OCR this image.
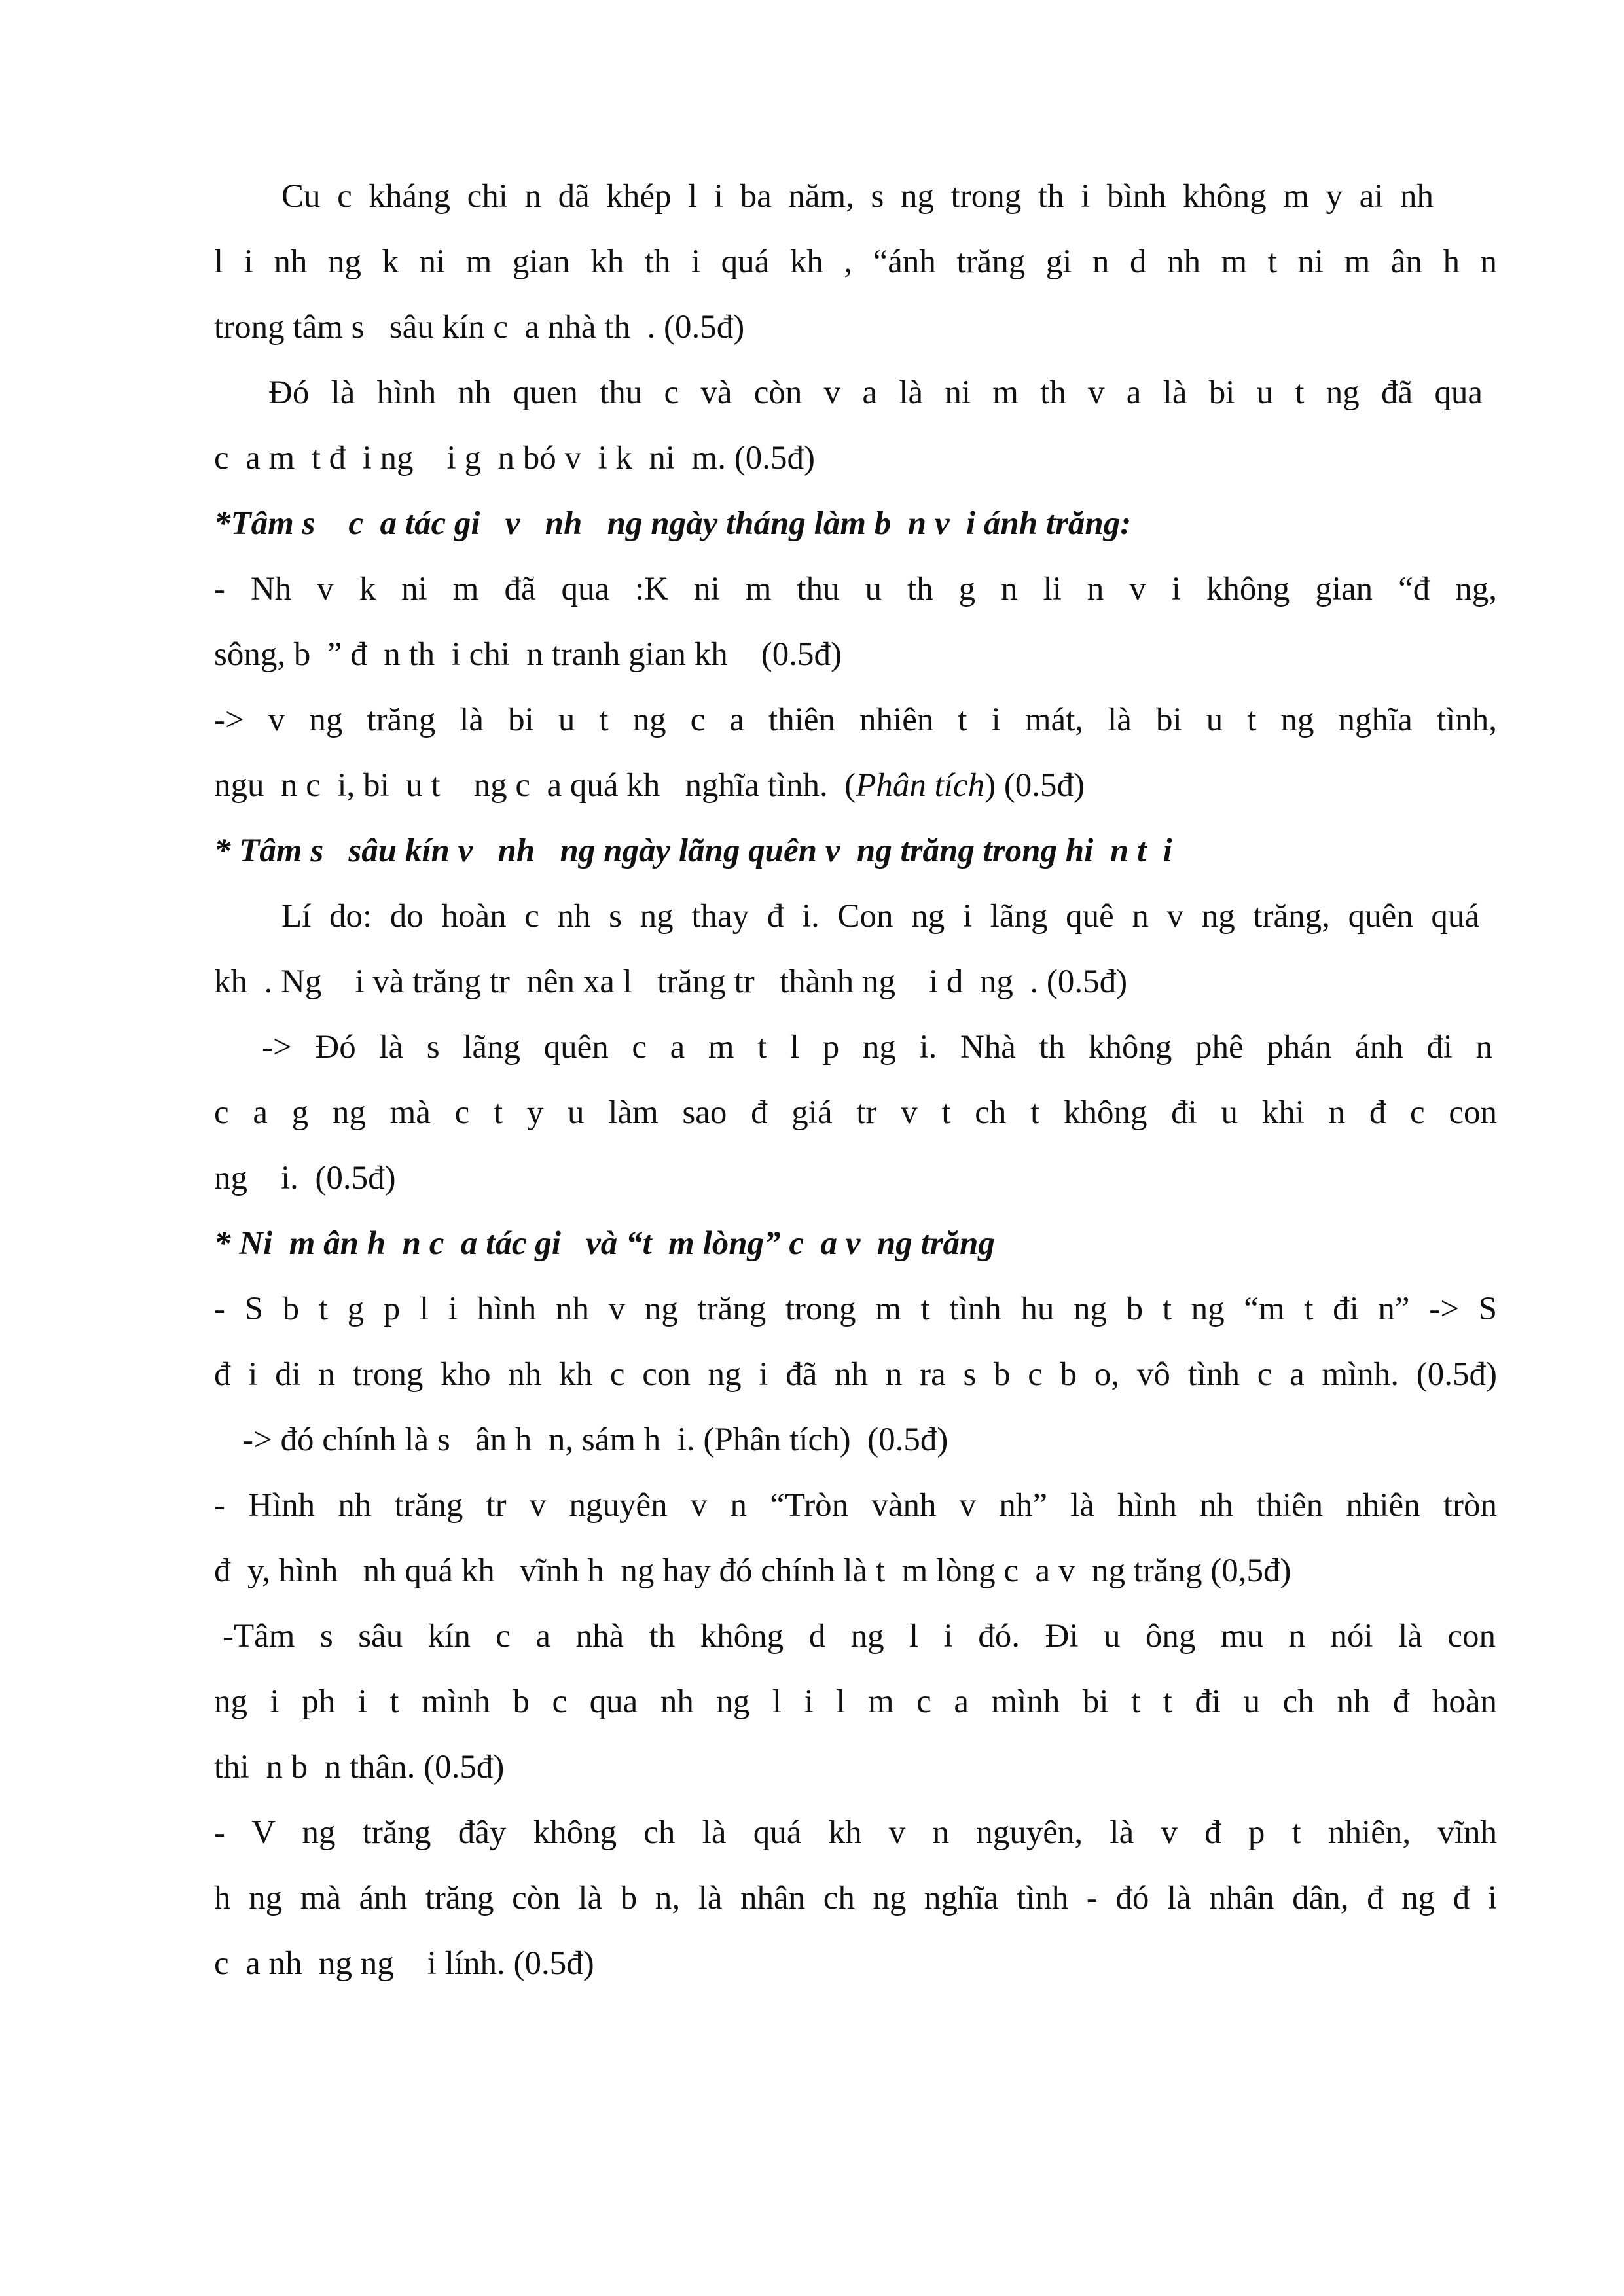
Cu c kháng chi n dã khép l i ba năm, s ng trong th i bình không m y ai nh
l i nh ng k ni m gian kh th i quá kh , “ánh trăng gi n d nh m t ni m ân h n
trong tâm s   sâu kín c  a nhà th  . (0.5đ)
Đó là hình nh quen thu c và còn v a là ni m th v a là bi u t ng đã qua
c  a m  t đ  i ng    i g  n bó v  i k  ni  m. (0.5đ)
*Tâm s    c  a tác gi   v   nh   ng ngày tháng làm b  n v  i ánh trăng:
- Nh v k ni m đã qua :K ni m thu u th g n li n v i không gian “đ ng,
sông, b  ” đ  n th  i chi  n tranh gian kh    (0.5đ)
-> v ng trăng là bi u t ng c a thiên nhiên t i mát, là bi u t ng nghĩa tình,
ngu  n c  i, bi  u t    ng c  a quá kh   nghĩa tình. (Phân tích) (0.5đ)
* Tâm s   sâu kín v   nh   ng ngày lãng quên v  ng trăng trong hi  n t  i
Lí do: do hoàn c nh s ng thay đ i. Con ng i lãng quê n v ng trăng, quên quá
kh  . Ng    i và trăng tr  nên xa l   trăng tr   thành ng    i d  ng  . (0.5đ)
-> Đó là s lãng quên c a m t l p ng i. Nhà th không phê phán ánh đi n
c a g ng mà c t y u làm sao đ giá tr v t ch t không đi u khi n đ c con
ng    i.  (0.5đ)
* Ni  m ân h  n c  a tác gi   và “t  m lòng” c  a v  ng trăng
- S b t g p l i hình nh v ng trăng trong m t tình hu ng b t ng “m t đi n” -> S
đ i di n trong kho nh kh c con ng i đã nh n ra s b c b o, vô tình c a mình. (0.5đ)
-> đó chính là s   ân h  n, sám h  i. (Phân tích)  (0.5đ)
- Hình nh trăng tr v nguyên v n “Tròn vành v nh” là hình nh thiên nhiên tròn
đ  y, hình   nh quá kh   vĩnh h  ng hay đó chính là t  m lòng c  a v  ng trăng (0,5đ)
-Tâm s sâu kín c a nhà th không d ng l i đó. Đi u ông mu n nói là con
ng i ph i t mình b c qua nh ng l i l m c a mình bi t t đi u ch nh đ hoàn
thi  n b  n thân. (0.5đ)
- V ng trăng đây không ch là quá kh v n nguyên, là v đ p t nhiên, vĩnh
h ng mà ánh trăng còn là b n, là nhân ch ng nghĩa tình - đó là nhân dân, đ ng đ i
c  a nh  ng ng    i lính. (0.5đ)
